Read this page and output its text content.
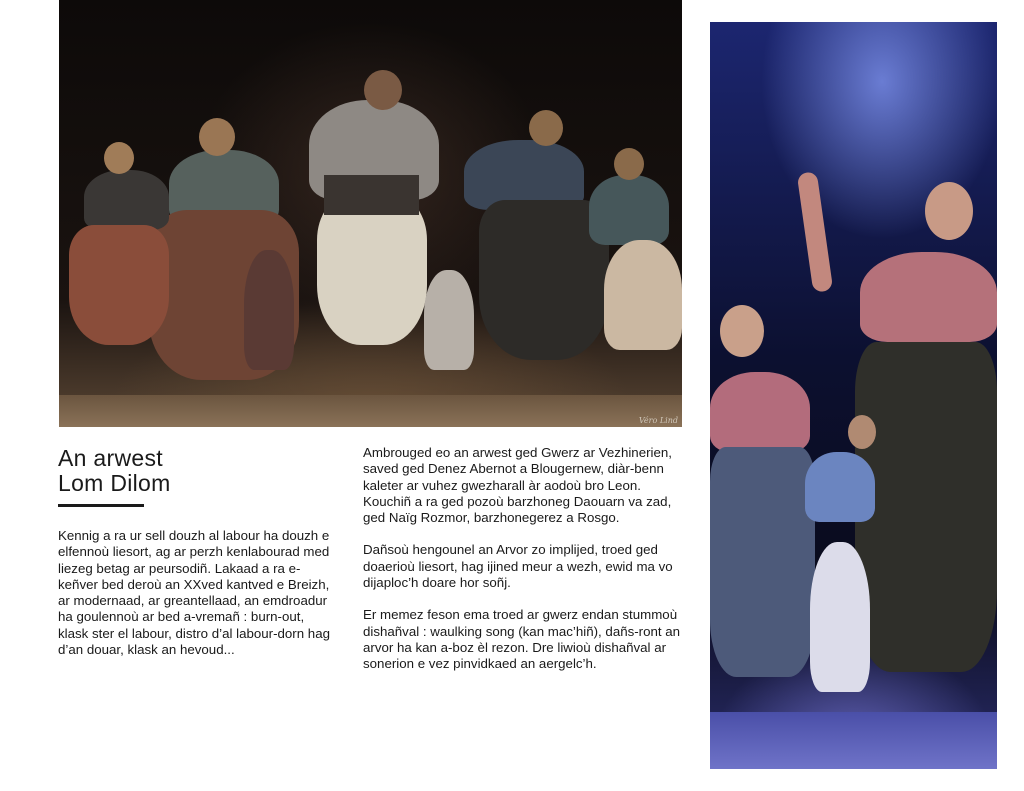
Véro Lind
An arwest
Lom Dilom
Kennig a ra ur sell douzh al labour ha douzh e elfennoù liesort, ag ar perzh kenlabourad med liezeg betag ar peursodiñ. Lakaad a ra e-keñver bed deroù an XXved kantved e Breizh, ar modernaad, ar greantellaad, an emdroadur ha goulennoù ar bed a-vremañ : burn-out, klask ster el labour, distro d’al labour-dorn hag d’an douar, klask an hevoud...

Ambrouged eo an arwest ged Gwerz ar Vezhinerien, saved ged Denez Abernot a Blougernew, diàr-benn kaleter ar vuhez gwezharall àr aodoù bro Leon. Kouchiñ a ra ged pozoù barzhoneg Daouarn va zad, ged Naïg Rozmor, barzhonegerez a Rosgo.

Dañsoù hengounel an Arvor zo implijed, troed ged doaerioù liesort, hag ijined meur a wezh, ewid ma vo dijaploc’h doare hor soñj.

Er memez feson ema troed ar gwerz endan stummoù dishañval : waulking song (kan mac’hiñ), dañs-ront an arvor ha kan a-boz èl rezon. Dre liwioù dishañval ar sonerion e vez pinvidkaed an aergelc’h.
